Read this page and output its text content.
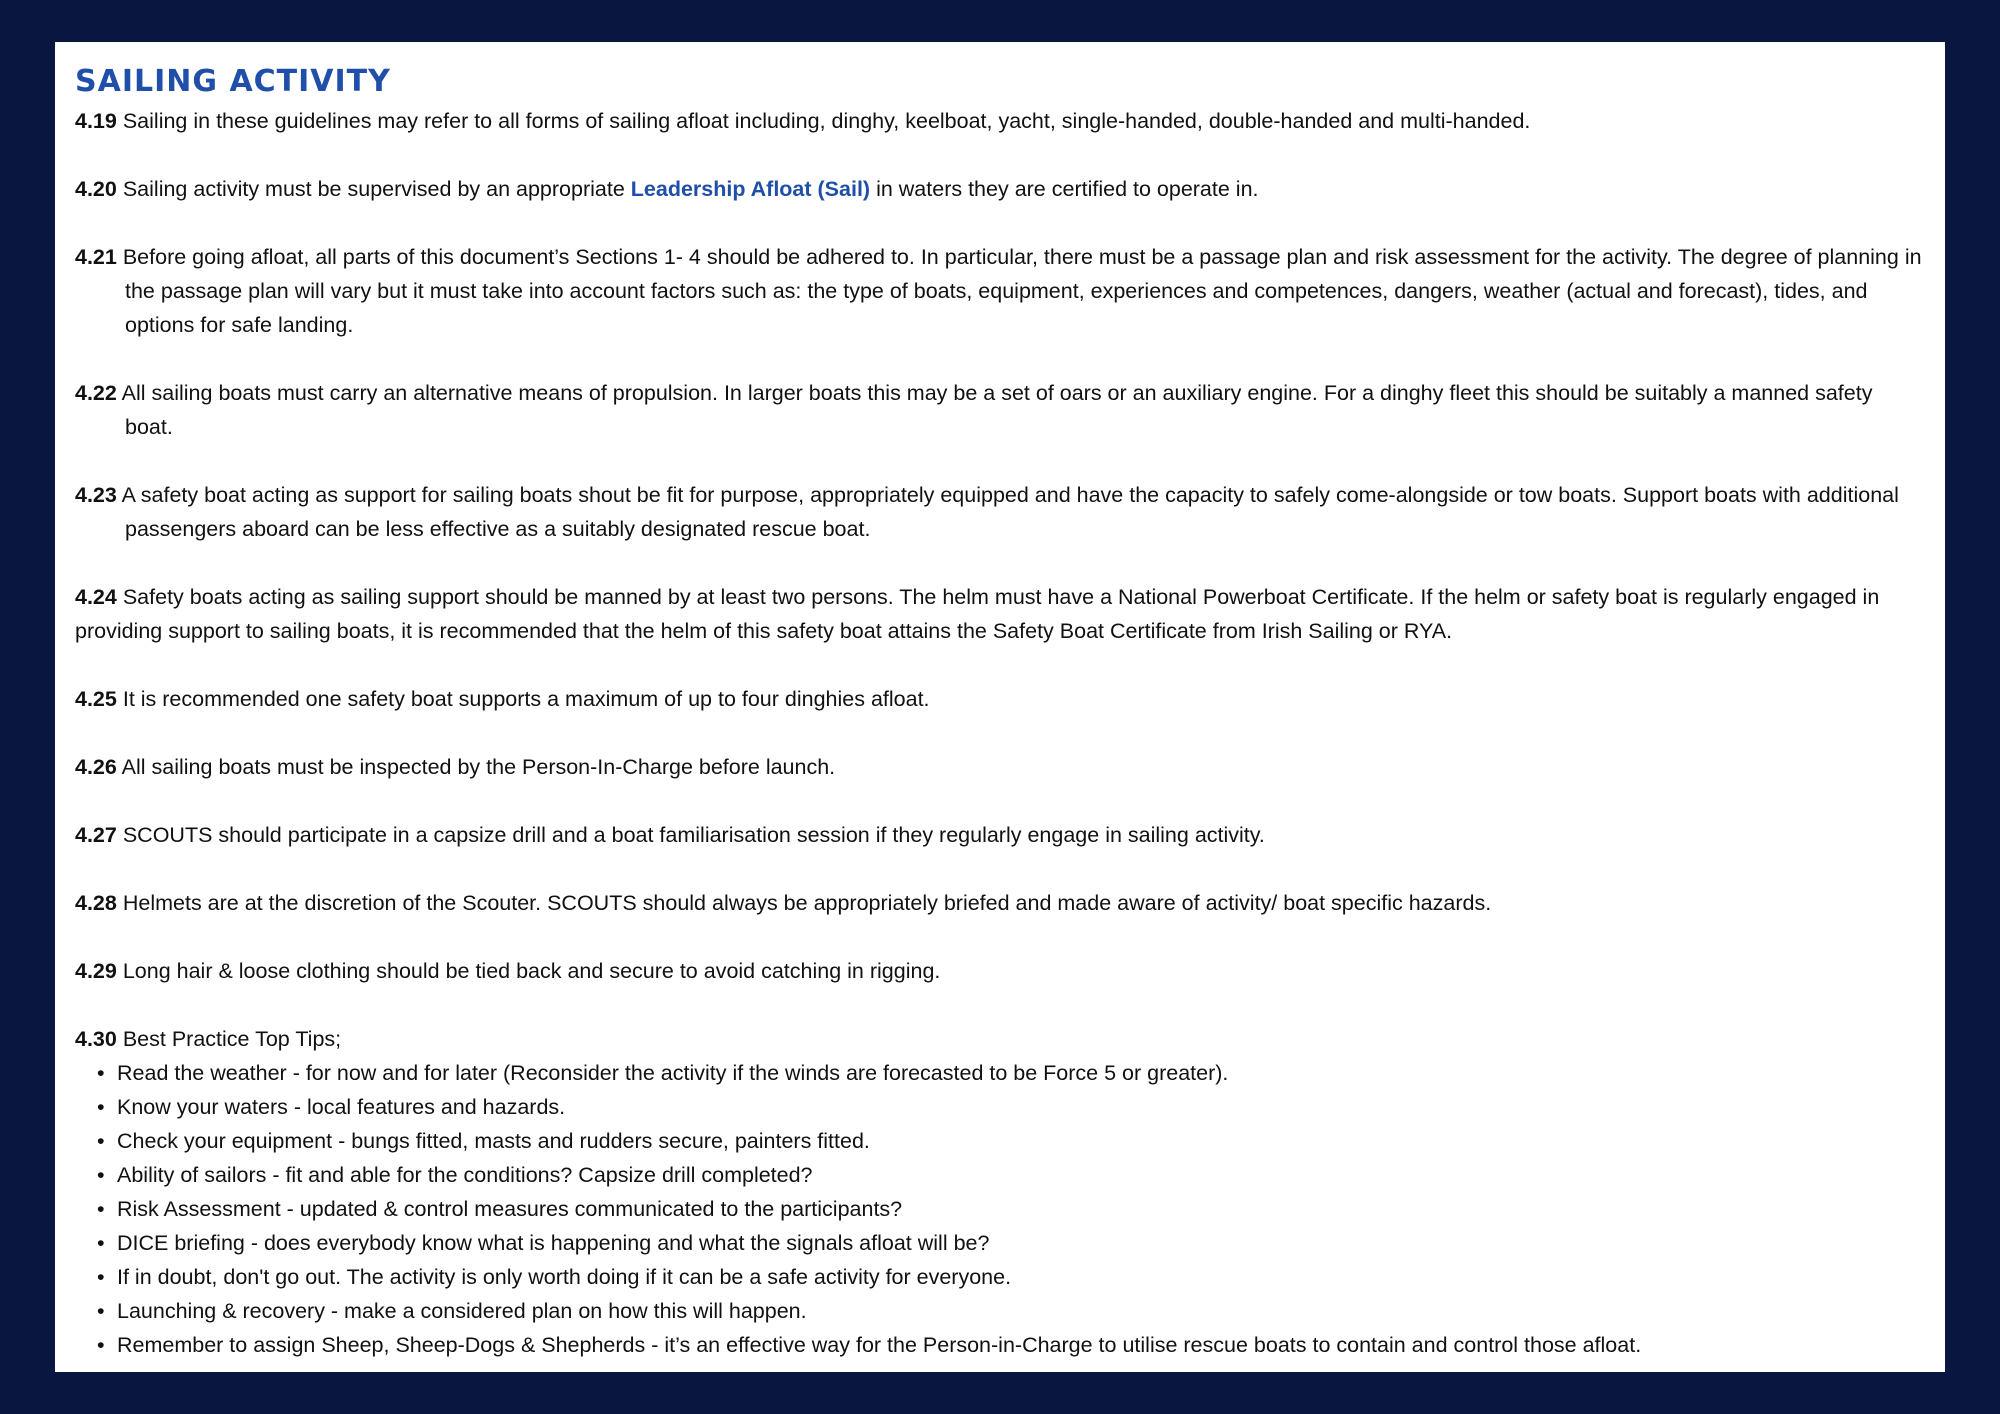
SAILING ACTIVITY

4.19 Sailing in these guidelines may refer to all forms of sailing afloat including, dinghy, keelboat, yacht, single-handed, double-handed and multi-handed.

4.20 Sailing activity must be supervised by an appropriate Leadership Afloat (Sail) in waters they are certified to operate in.

4.21 Before going afloat, all parts of this document’s Sections 1- 4 should be adhered to. In particular, there must be a passage plan and risk assessment for the activity. The degree of planning in the passage plan will vary but it must take into account factors such as: the type of boats, equipment, experiences and competences, dangers, weather (actual and forecast), tides, and options for safe landing.

4.22 All sailing boats must carry an alternative means of propulsion. In larger boats this may be a set of oars or an auxiliary engine. For a dinghy fleet this should be suitably a manned safety boat.

4.23 A safety boat acting as support for sailing boats shout be fit for purpose, appropriately equipped and have the capacity to safely come-alongside or tow boats. Support boats with additional passengers aboard can be less effective as a suitably designated rescue boat.

4.24 Safety boats acting as sailing support should be manned by at least two persons. The helm must have a National Powerboat Certificate. If the helm or safety boat is regularly engaged in providing support to sailing boats, it is recommended that the helm of this safety boat attains the Safety Boat Certificate from Irish Sailing or RYA.

4.25 It is recommended one safety boat supports a maximum of up to four dinghies afloat.

4.26 All sailing boats must be inspected by the Person-In-Charge before launch.

4.27 SCOUTS should participate in a capsize drill and a boat familiarisation session if they regularly engage in sailing activity.

4.28 Helmets are at the discretion of the Scouter. SCOUTS should always be appropriately briefed and made aware of activity/ boat specific hazards.

4.29 Long hair & loose clothing should be tied back and secure to avoid catching in rigging.

4.30 Best Practice Top Tips;

• Read the weather - for now and for later (Reconsider the activity if the winds are forecasted to be Force 5 or greater).
• Know your waters - local features and hazards.
• Check your equipment - bungs fitted, masts and rudders secure, painters fitted.
• Ability of sailors - fit and able for the conditions? Capsize drill completed?
• Risk Assessment - updated & control measures communicated to the participants?
• DICE briefing - does everybody know what is happening and what the signals afloat will be?
• If in doubt, don't go out. The activity is only worth doing if it can be a safe activity for everyone.
• Launching & recovery - make a considered plan on how this will happen.
• Remember to assign Sheep, Sheep-Dogs & Shepherds - it’s an effective way for the Person-in-Charge to utilise rescue boats to contain and control those afloat.
